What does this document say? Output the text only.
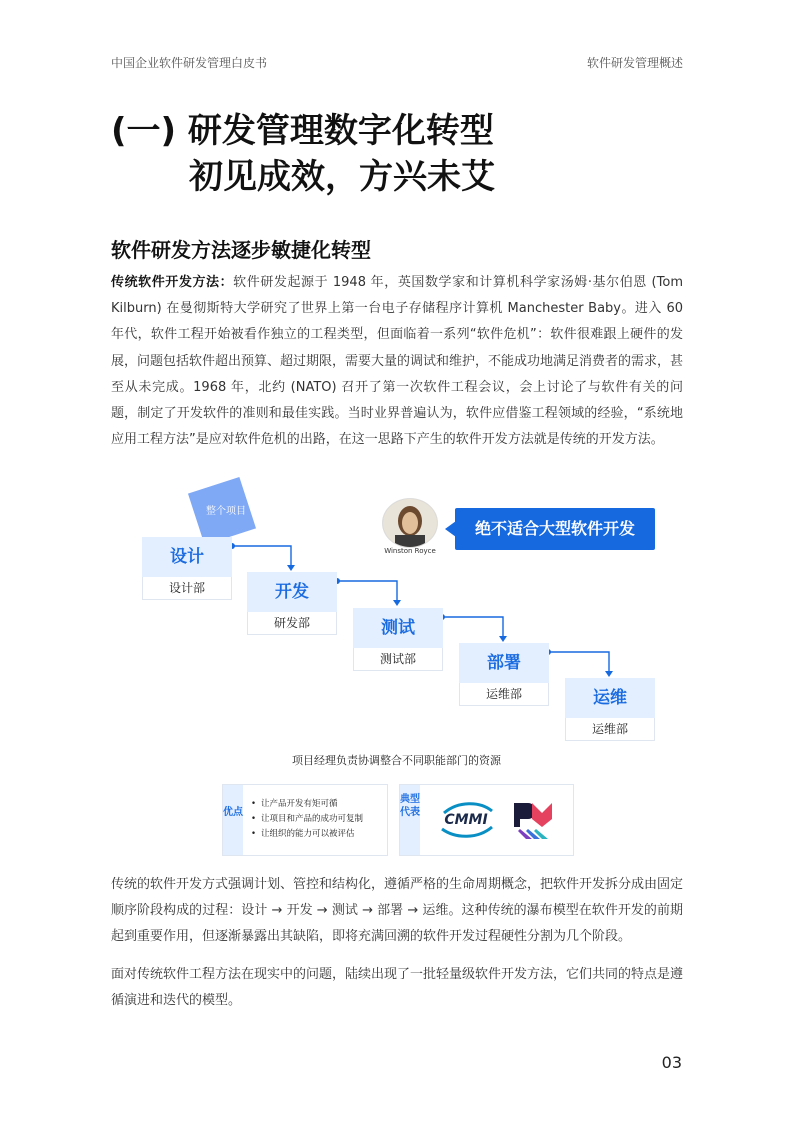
中国企业软件研发管理白皮书	软件研发管理概述
(一) 研发管理数字化转型
初见成效，方兴未艾
软件研发方法逐步敏捷化转型
传统软件开发方法：软件研发起源于 1948 年，英国数学家和计算机科学家汤姆·基尔伯恩 (Tom Kilburn) 在曼彻斯特大学研究了世界上第一台电子存储程序计算机 Manchester Baby。进入 60 年代，软件工程开始被看作独立的工程类型，但面临着一系列“软件危机”：软件很难跟上硬件的发展，问题包括软件超出预算、超过期限，需要大量的调试和维护，不能成功地满足消费者的需求，甚至从未完成。1968 年，北约 (NATO) 召开了第一次软件工程会议，会上讨论了与软件有关的问题，制定了开发软件的准则和最佳实践。当时业界普遍认为，软件应借鉴工程领域的经验，“系统地应用工程方法”是应对软件危机的出路，在这一思路下产生的软件开发方法就是传统的开发方法。
整个项目
设计
设计部	开发
研发部	测试
测试部	部署
运维部	运维
运维部
Winston Royce
绝不适合大型软件开发
项目经理负责协调整合不同职能部门的资源
优点
• 让产品开发有矩可循
• 让项目和产品的成功可复制
• 让组织的能力可以被评估
典型代表	CMMI
传统的软件开发方式强调计划、管控和结构化，遵循严格的生命周期概念，把软件开发拆分成由固定顺序阶段构成的过程：设计 → 开发 → 测试 → 部署 → 运维。这种传统的瀑布模型在软件开发的前期起到重要作用，但逐渐暴露出其缺陷，即将充满回溯的软件开发过程硬性分割为几个阶段。
面对传统软件工程方法在现实中的问题，陆续出现了一批轻量级软件开发方法，它们共同的特点是遵循演进和迭代的模型。
03
